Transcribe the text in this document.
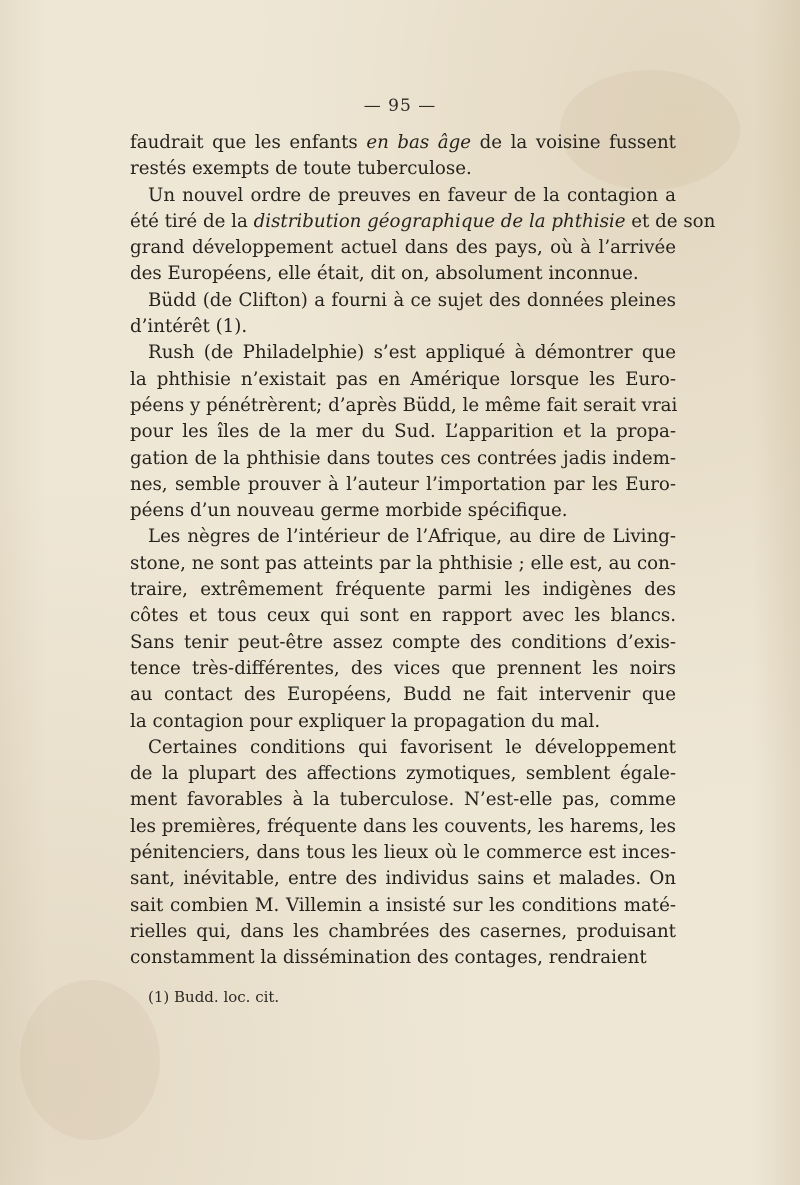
— 95 —
faudrait que les enfants en bas âge de la voisine fussent
restés exempts de toute tuberculose.
Un nouvel ordre de preuves en faveur de la contagion a
été tiré de la distribution géographique de la phthisie et de son
grand développement actuel dans des pays, où à l’arrivée
des Européens, elle était, dit on, absolument inconnue.
Büdd (de Clifton) a fourni à ce sujet des données pleines
d’intérêt (1).
Rush (de Philadelphie) s’est appliqué à démontrer que
la phthisie n’existait pas en Amérique lorsque les Euro-
péens y pénétrèrent; d’après Büdd, le même fait serait vrai
pour les îles de la mer du Sud. L’apparition et la propa-
gation de la phthisie dans toutes ces contrées jadis indem-
nes, semble prouver à l’auteur l’importation par les Euro-
péens d’un nouveau germe morbide spécifique.
Les nègres de l’intérieur de l’Afrique, au dire de Living-
stone, ne sont pas atteints par la phthisie ; elle est, au con-
traire, extrêmement fréquente parmi les indigènes des
côtes et tous ceux qui sont en rapport avec les blancs.
Sans tenir peut-être assez compte des conditions d’exis-
tence très-différentes, des vices que prennent les noirs
au contact des Européens, Budd ne fait intervenir que
la contagion pour expliquer la propagation du mal.
Certaines conditions qui favorisent le développement
de la plupart des affections zymotiques, semblent égale-
ment favorables à la tuberculose. N’est-elle pas, comme
les premières, fréquente dans les couvents, les harems, les
pénitenciers, dans tous les lieux où le commerce est inces-
sant, inévitable, entre des individus sains et malades. On
sait combien M. Villemin a insisté sur les conditions maté-
rielles qui, dans les chambrées des casernes, produisant
constamment la dissémination des contages, rendraient
(1) Budd. loc. cit.
